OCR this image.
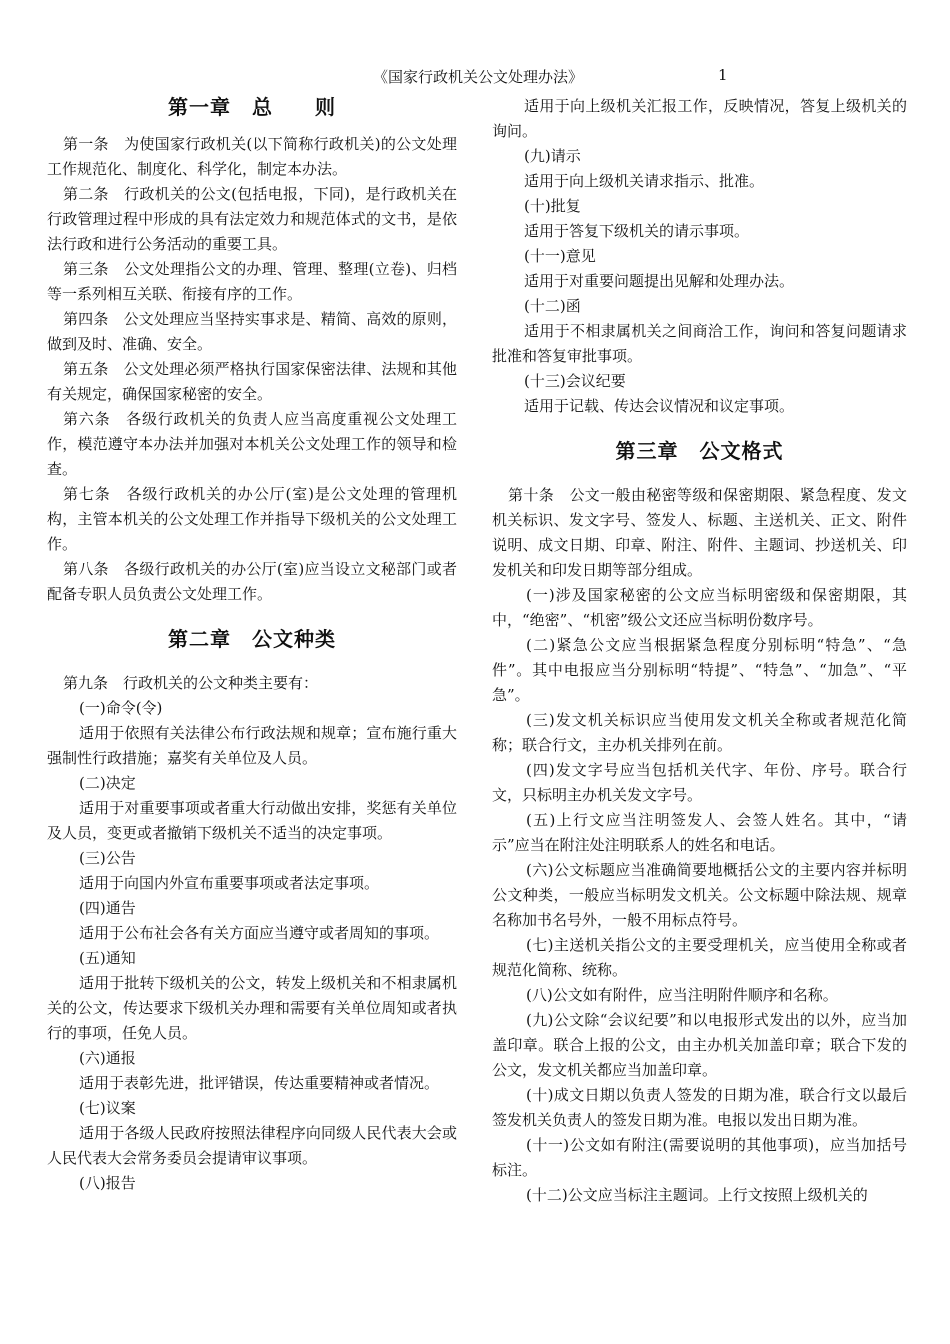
《国家行政机关公文处理办法》	1

第一章　总　　则

第一条　为使国家行政机关(以下简称行政机关)的公文处理工作规范化、制度化、科学化，制定本办法。

第二条　行政机关的公文(包括电报，下同)，是行政机关在行政管理过程中形成的具有法定效力和规范体式的文书，是依法行政和进行公务活动的重要工具。

第三条　公文处理指公文的办理、管理、整理(立卷)、归档等一系列相互关联、衔接有序的工作。

第四条　公文处理应当坚持实事求是、精简、高效的原则，做到及时、准确、安全。

第五条　公文处理必须严格执行国家保密法律、法规和其他有关规定，确保国家秘密的安全。

第六条　各级行政机关的负责人应当高度重视公文处理工作，模范遵守本办法并加强对本机关公文处理工作的领导和检查。

第七条　各级行政机关的办公厅(室)是公文处理的管理机构，主管本机关的公文处理工作并指导下级机关的公文处理工作。

第八条　各级行政机关的办公厅(室)应当设立文秘部门或者配备专职人员负责公文处理工作。

第二章　公文种类

第九条　行政机关的公文种类主要有：

(一)命令(令)

适用于依照有关法律公布行政法规和规章；宣布施行重大强制性行政措施；嘉奖有关单位及人员。

(二)决定

适用于对重要事项或者重大行动做出安排，奖惩有关单位及人员，变更或者撤销下级机关不适当的决定事项。

(三)公告

适用于向国内外宣布重要事项或者法定事项。

(四)通告

适用于公布社会各有关方面应当遵守或者周知的事项。

(五)通知

适用于批转下级机关的公文，转发上级机关和不相隶属机关的公文，传达要求下级机关办理和需要有关单位周知或者执行的事项，任免人员。

(六)通报

适用于表彰先进，批评错误，传达重要精神或者情况。

(七)议案

适用于各级人民政府按照法律程序向同级人民代表大会或人民代表大会常务委员会提请审议事项。

(八)报告

适用于向上级机关汇报工作，反映情况，答复上级机关的询问。

(九)请示

适用于向上级机关请求指示、批准。

(十)批复

适用于答复下级机关的请示事项。

(十一)意见

适用于对重要问题提出见解和处理办法。

(十二)函

适用于不相隶属机关之间商洽工作，询问和答复问题请求批准和答复审批事项。

(十三)会议纪要

适用于记载、传达会议情况和议定事项。

第三章　公文格式

第十条　公文一般由秘密等级和保密期限、紧急程度、发文机关标识、发文字号、签发人、标题、主送机关、正文、附件说明、成文日期、印章、附注、附件、主题词、抄送机关、印发机关和印发日期等部分组成。

(一)涉及国家秘密的公文应当标明密级和保密期限，其中，“绝密”、“机密”级公文还应当标明份数序号。

(二)紧急公文应当根据紧急程度分别标明“特急”、“急件”。其中电报应当分别标明“特提”、“特急”、“加急”、“平急”。

(三)发文机关标识应当使用发文机关全称或者规范化简称；联合行文，主办机关排列在前。

(四)发文字号应当包括机关代字、年份、序号。联合行文，只标明主办机关发文字号。

(五)上行文应当注明签发人、会签人姓名。其中，“请示”应当在附注处注明联系人的姓名和电话。

(六)公文标题应当准确简要地概括公文的主要内容并标明公文种类，一般应当标明发文机关。公文标题中除法规、规章名称加书名号外，一般不用标点符号。

(七)主送机关指公文的主要受理机关，应当使用全称或者规范化简称、统称。

(八)公文如有附件，应当注明附件顺序和名称。

(九)公文除“会议纪要”和以电报形式发出的以外，应当加盖印章。联合上报的公文，由主办机关加盖印章；联合下发的公文，发文机关都应当加盖印章。

(十)成文日期以负责人签发的日期为准，联合行文以最后签发机关负责人的签发日期为准。电报以发出日期为准。

(十一)公文如有附注(需要说明的其他事项)，应当加括号标注。

(十二)公文应当标注主题词。上行文按照上级机关的
